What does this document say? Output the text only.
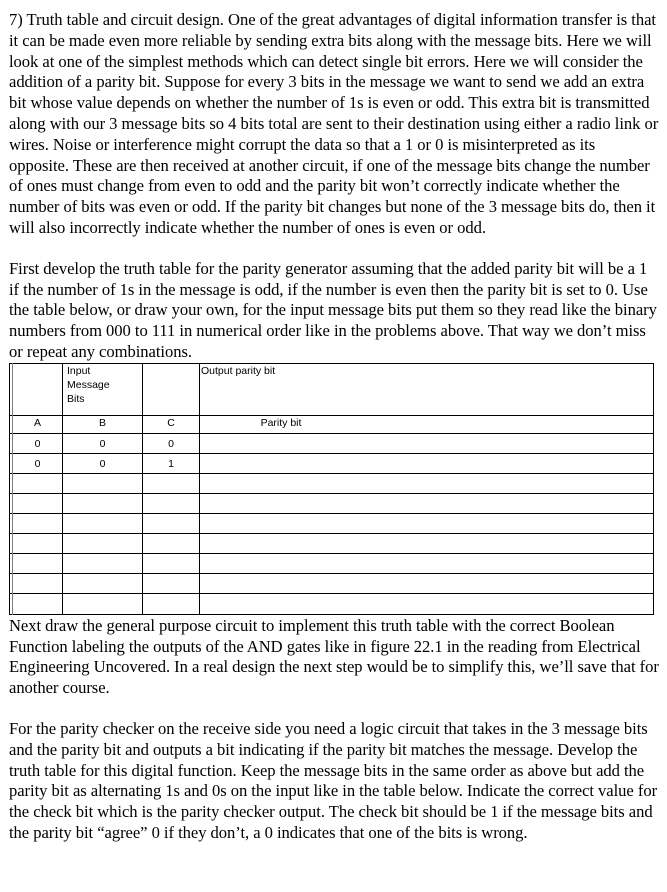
7) Truth table and circuit design. One of the great advantages of digital information transfer is that it can be made even more reliable by sending extra bits along with the message bits. Here we will look at one of the simplest methods which can detect single bit errors. Here we will consider the addition of a parity bit. Suppose for every 3 bits in the message we want to send we add an extra bit whose value depends on whether the number of 1s is even or odd. This extra bit is transmitted along with our 3 message bits so 4 bits total are sent to their destination using either a radio link or wires. Noise or interference might corrupt the data so that a 1 or 0 is misinterpreted as its opposite. These are then received at another circuit, if one of the message bits change the number of ones must change from even to odd and the parity bit won’t correctly indicate whether the number of bits was even or odd. If the parity bit changes but none of the 3 message bits do, then it will also incorrectly indicate whether the number of ones is even or odd.

First develop the truth table for the parity generator assuming that the added parity bit will be a 1 if the number of 1s in the message is odd, if the number is even then the parity bit is set to 0. Use the table below, or draw your own, for the input message bits put them so they read like the binary numbers from 000 to 111 in numerical order like in the problems above. That way we don’t miss or repeat any combinations.

Input
Message
Bits
Output parity bit
A	B	C	Parity bit
0	0	0
0	0	1

Next draw the general purpose circuit to implement this truth table with the correct Boolean Function labeling the outputs of the AND gates like in figure 22.1 in the reading from Electrical Engineering Uncovered. In a real design the next step would be to simplify this, we’ll save that for another course.

For the parity checker on the receive side you need a logic circuit that takes in the 3 message bits and the parity bit and outputs a bit indicating if the parity bit matches the message. Develop the truth table for this digital function. Keep the message bits in the same order as above but add the parity bit as alternating 1s and 0s on the input like in the table below. Indicate the correct value for the check bit which is the parity checker output. The check bit should be 1 if the message bits and the parity bit “agree” 0 if they don’t, a 0 indicates that one of the bits is wrong.
